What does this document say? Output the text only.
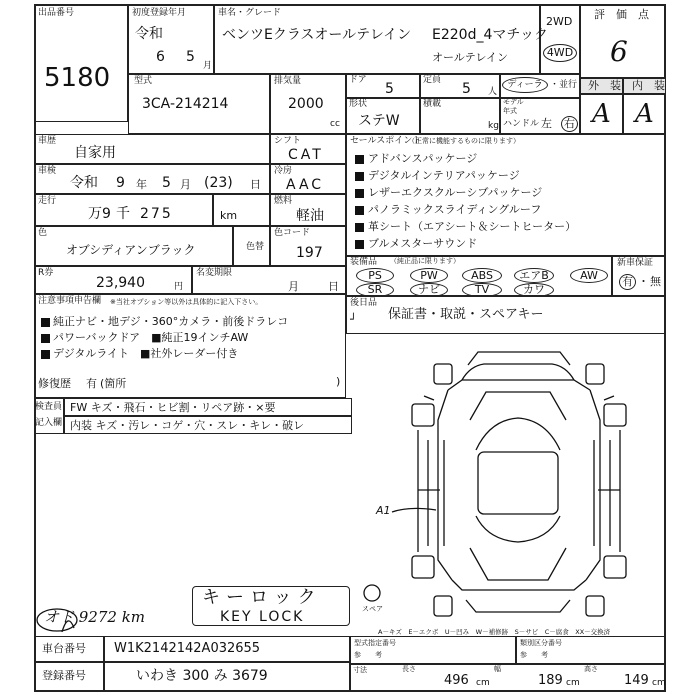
出品番号
5180
初度登録年月
令和
6 5
月
車名・グレード
ベンツEクラスオールテレイン E220d_4マチック
オールテレイン
2WD
4WD
評　価　点
6
外　装 内　装
A A
型式
3CA-214214
排気量
2000
cc
ドア
5
定員
5 人
ディーラー
・並行
形状
ステW
積載
kg
モデル
年式
ハンドル 左 右
車歴
自家用
シフト
CAT
車検
令和 9 年 5 月 (23) 日
冷房
AAC
走行
万 9 千 275	km
燃料
軽油
色
オブシディアンブラック	色替
色コード
197
R券
23,940	円
名変期限
月	日
注意事項申告欄 ※当社オプション等以外は具体的に記入下さい。
純正ナビ・地デジ・360°カメラ・前後ドラレコ
パワーバックドア　■純正19インチAW
デジタルライト　■社外レーダー付き
修復歴 有 (箇所	)
検査員
記入欄
FW キズ・飛石・ヒビ割・リペア跡・×要
内装 キズ・汚レ・コゲ・穴・スレ・キレ・破レ
セールスポイント
（正常に機能するものに限ります）
アドバンスパッケージ
デジタルインテリアパッケージ
レザーエクスクルーシブパッケージ
パノラミックスライディングルーフ
革シート（エアシート＆シートヒーター）
ブルメスターサウンド
装備品 （純正品に限ります）
PS	PW	ABS	エアB	AW
SR	ナビ	TV	カワ
新車保証
有 ・ 無
後日品
┘ 保証書・取説・スペアキー
A1
キーロック
KEY LOCK	スペア
オド 9272 km
A－キズ　E－エクボ　U－凹み　W－補修跡　S－サビ　C－腐食　XX－交換済
車台番号 W1K2142142A032655
登録番号	いわき 300 み 3679
型式指定番号
参　　考
類別区分番号
参　　考
寸法	長さ
496 cm
幅
189 cm
高さ
149 cm
